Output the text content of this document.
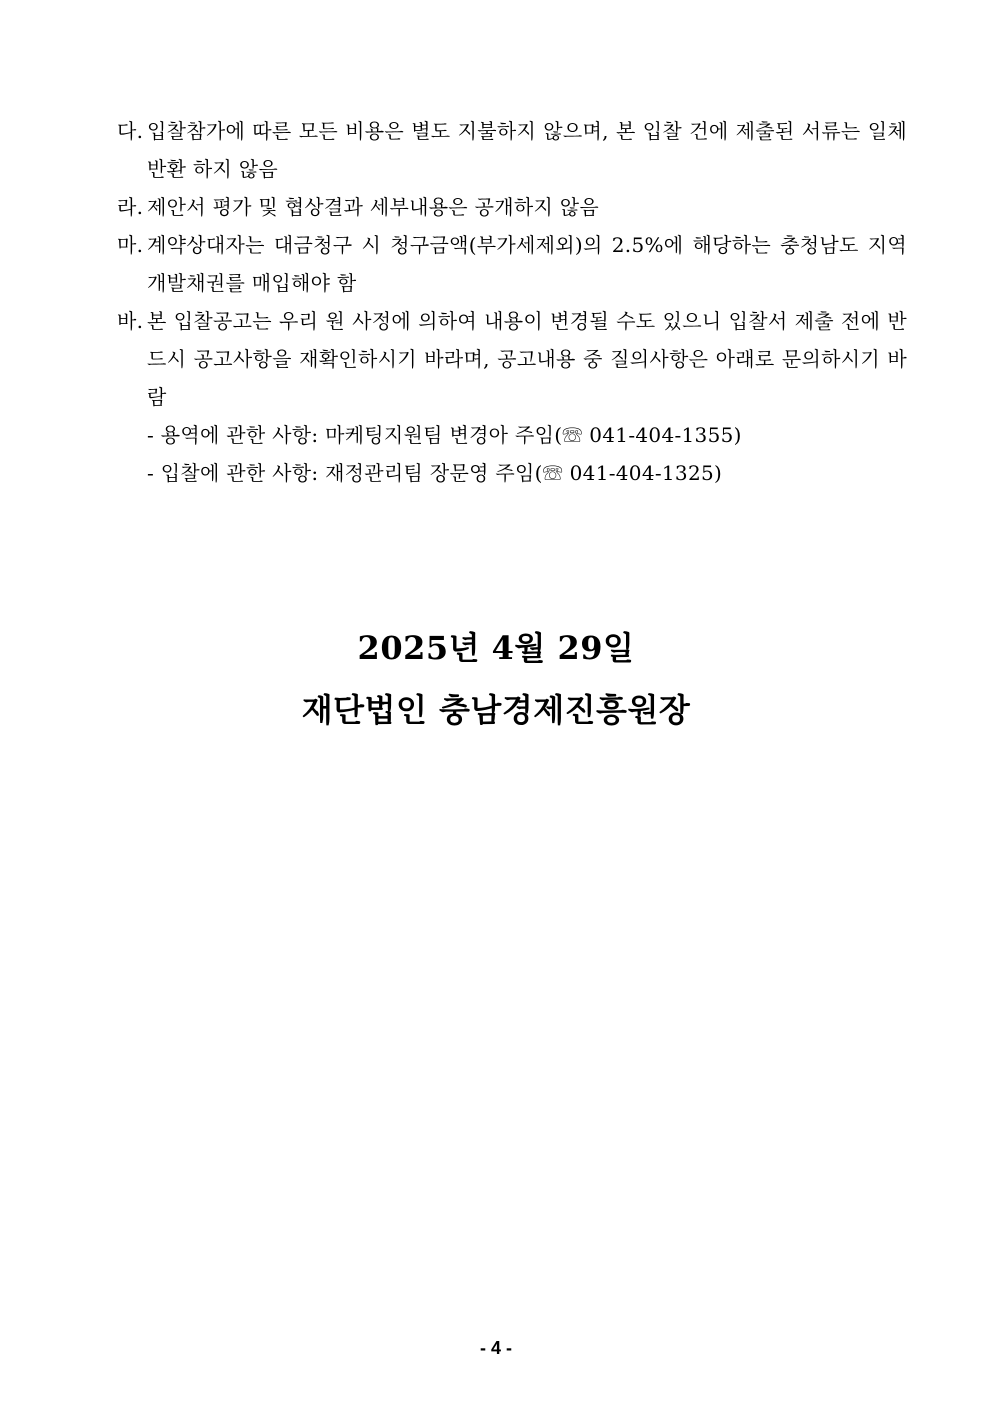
다. 입찰참가에 따른 모든 비용은 별도 지불하지 않으며, 본 입찰 건에 제출된 서류는 일체 반환 하지 않음
라. 제안서 평가 및 협상결과 세부내용은 공개하지 않음
마. 계약상대자는 대금청구 시 청구금액(부가세제외)의 2.5%에 해당하는 충청남도 지역개발채권를 매입해야 함
바. 본 입찰공고는 우리 원 사정에 의하여 내용이 변경될 수도 있으니 입찰서 제출 전에 반드시 공고사항을 재확인하시기 바라며, 공고내용 중 질의사항은 아래로 문의하시기 바람
- 용역에 관한 사항: 마케팅지원팀 변경아 주임(☏ 041-404-1355)
- 입찰에 관한 사항: 재정관리팀 장문영 주임(☏ 041-404-1325)
2025년 4월 29일
재단법인 충남경제진흥원장
- 4 -
